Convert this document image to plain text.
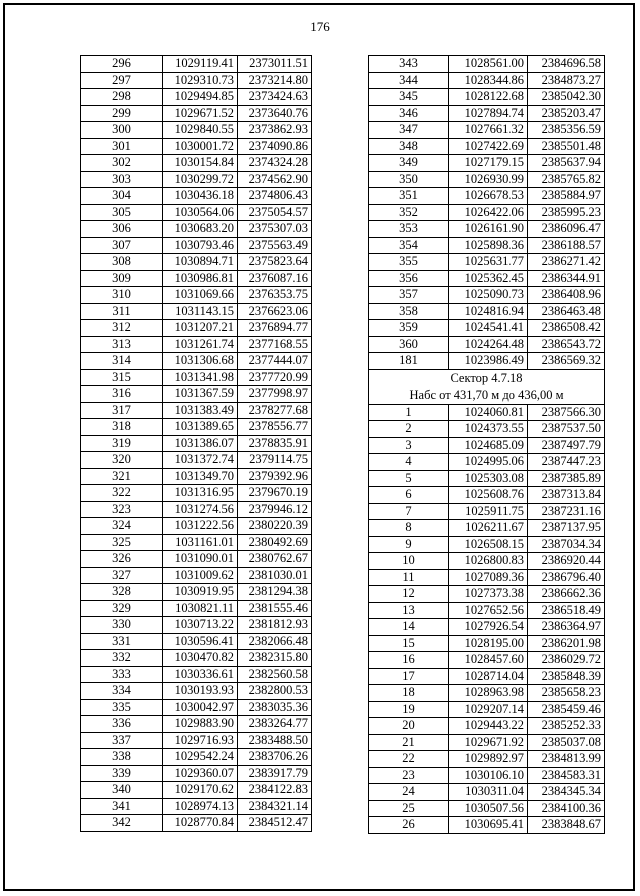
176
296	1029119.41	2373011.51
297	1029310.73	2373214.80
298	1029494.85	2373424.63
299	1029671.52	2373640.76
300	1029840.55	2373862.93
301	1030001.72	2374090.86
302	1030154.84	2374324.28
303	1030299.72	2374562.90
304	1030436.18	2374806.43
305	1030564.06	2375054.57
306	1030683.20	2375307.03
307	1030793.46	2375563.49
308	1030894.71	2375823.64
309	1030986.81	2376087.16
310	1031069.66	2376353.75
311	1031143.15	2376623.06
312	1031207.21	2376894.77
313	1031261.74	2377168.55
314	1031306.68	2377444.07
315	1031341.98	2377720.99
316	1031367.59	2377998.97
317	1031383.49	2378277.68
318	1031389.65	2378556.77
319	1031386.07	2378835.91
320	1031372.74	2379114.75
321	1031349.70	2379392.96
322	1031316.95	2379670.19
323	1031274.56	2379946.12
324	1031222.56	2380220.39
325	1031161.01	2380492.69
326	1031090.01	2380762.67
327	1031009.62	2381030.01
328	1030919.95	2381294.38
329	1030821.11	2381555.46
330	1030713.22	2381812.93
331	1030596.41	2382066.48
332	1030470.82	2382315.80
333	1030336.61	2382560.58
334	1030193.93	2382800.53
335	1030042.97	2383035.36
336	1029883.90	2383264.77
337	1029716.93	2383488.50
338	1029542.24	2383706.26
339	1029360.07	2383917.79
340	1029170.62	2384122.83
341	1028974.13	2384321.14
342	1028770.84	2384512.47
343	1028561.00	2384696.58
344	1028344.86	2384873.27
345	1028122.68	2385042.30
346	1027894.74	2385203.47
347	1027661.32	2385356.59
348	1027422.69	2385501.48
349	1027179.15	2385637.94
350	1026930.99	2385765.82
351	1026678.53	2385884.97
352	1026422.06	2385995.23
353	1026161.90	2386096.47
354	1025898.36	2386188.57
355	1025631.77	2386271.42
356	1025362.45	2386344.91
357	1025090.73	2386408.96
358	1024816.94	2386463.48
359	1024541.41	2386508.42
360	1024264.48	2386543.72
181	1023986.49	2386569.32
Сектор 4.7.18		
Набс от 431,70 м до 436,00 м		
1	1024060.81	2387566.30
2	1024373.55	2387537.50
3	1024685.09	2387497.79
4	1024995.06	2387447.23
5	1025303.08	2387385.89
6	1025608.76	2387313.84
7	1025911.75	2387231.16
8	1026211.67	2387137.95
9	1026508.15	2387034.34
10	1026800.83	2386920.44
11	1027089.36	2386796.40
12	1027373.38	2386662.36
13	1027652.56	2386518.49
14	1027926.54	2386364.97
15	1028195.00	2386201.98
16	1028457.60	2386029.72
17	1028714.04	2385848.39
18	1028963.98	2385658.23
19	1029207.14	2385459.46
20	1029443.22	2385252.33
21	1029671.92	2385037.08
22	1029892.97	2384813.99
23	1030106.10	2384583.31
24	1030311.04	2384345.34
25	1030507.56	2384100.36
26	1030695.41	2383848.67
